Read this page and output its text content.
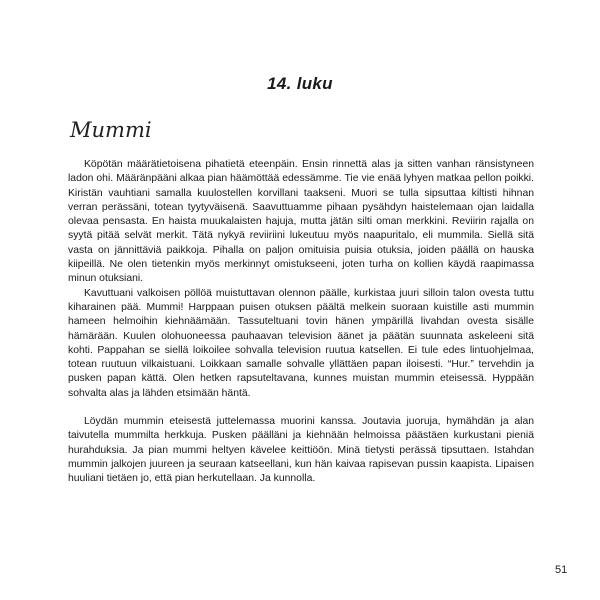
14. luku
Mummi

Köpötän määrätietoisena pihatietä eteenpäin. Ensin rinnettä alas ja sitten vanhan ränsistyneen ladon ohi. Määränpääni alkaa pian häämöttää edessämme. Tie vie enää lyhyen matkaa pellon poikki. Kiristän vauhtiani samalla kuulostellen korvillani taakseni. Muori se tulla sipsuttaa kiltisti hihnan verran perässäni, totean tyytyväisenä. Saavuttuamme pihaan pysähdyn haistelemaan ojan laidalla olevaa pensasta. En haista muukalaisten hajuja, mutta jätän silti oman merkkini. Reviirin rajalla on syytä pitää selvät merkit. Tätä nykyä reviiriini lukeutuu myös naapuritalo, eli mummila. Siellä sitä vasta on jännittäviä paikkoja. Pihalla on paljon omituisia puisia otuksia, joiden päällä on hauska kiipeillä. Ne olen tietenkin myös merkinnyt omistukseeni, joten turha on kollien käydä raapimassa minun otuksiani.

Kavuttuani valkoisen pöllöä muistuttavan olennon päälle, kurkistaa juuri silloin talon ovesta tuttu kiharainen pää. Mummi! Harppaan puisen otuksen päältä melkein suoraan kuistille asti mummin hameen helmoihin kiehnäämään. Tassuteltuani tovin hänen ympärillä livahdan ovesta sisälle hämärään. Kuulen olohuoneessa pauhaavan television äänet ja päätän suunnata askeleeni sitä kohti. Pappahan se siellä loikoilee sohvalla television ruutua katsellen. Ei tule edes lintuohjelmaa, totean ruutuun vilkaistuani. Loikkaan samalle sohvalle yllättäen papan iloisesti. “Hur.” tervehdin ja pusken papan kättä. Olen hetken rapsuteltavana, kunnes muistan mummin eteisessä. Hyppään sohvalta alas ja lähden etsimään häntä.

Löydän mummin eteisestä juttelemassa muorini kanssa. Joutavia juoruja, hymähdän ja alan taivutella mummilta herkkuja. Pusken päälläni ja kiehnään helmoissa päästäen kurkustani pieniä hurahduksia. Ja pian mummi heltyen kävelee keittiöön. Minä tietysti perässä tipsuttaen. Istahdan mummin jalkojen juureen ja seuraan katseellani, kun hän kaivaa rapisevan pussin kaapista. Lipaisen huuliani tietäen jo, että pian herkutellaan. Ja kunnolla.

51
